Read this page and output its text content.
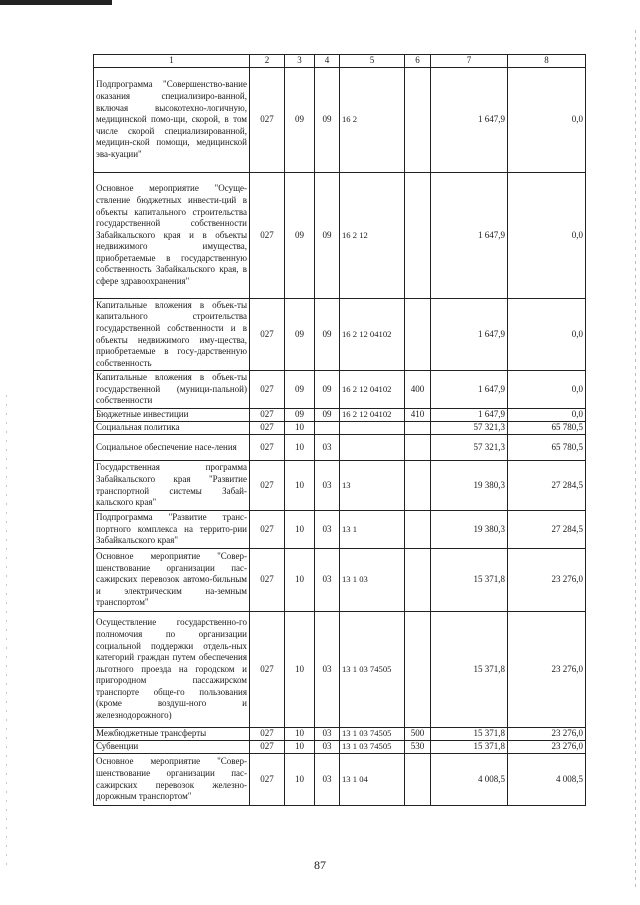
1	2	3	4	5	6	7	8
Подпрограмма "Совершенство-вание оказания специализиро-ванной, включая высокотехно-логичную, медицинской помо-щи, скорой, в том числе скорой специализированной, медицин-ской помощи, медицинской эва-куации"	027	09	09	16 2		1 647,9	0,0
Основное мероприятие "Осуще-ствление бюджетных инвести-ций в объекты капитального строительства государственной собственности Забайкальского края и в объекты недвижимого имущества, приобретаемые в государственную собственность Забайкальского края, в сфере здравоохранения"	027	09	09	16 2 12		1 647,9	0,0
Капитальные вложения в объек-ты капитального строительства государственной собственности и в объекты недвижимого иму-щества, приобретаемые в госу-дарственную собственность	027	09	09	16 2 12 04102		1 647,9	0,0
Капитальные вложения в объек-ты государственной (муници-пальной) собственности	027	09	09	16 2 12 04102	400	1 647,9	0,0
Бюджетные инвестиции	027	09	09	16 2 12 04102	410	1 647,9	0,0
Социальная политика	027	10				57 321,3	65 780,5
Социальное обеспечение насе-ления	027	10	03			57 321,3	65 780,5
Государственная программа Забайкальского края "Развитие транспортной системы Забай-кальского края"	027	10	03	13		19 380,3	27 284,5
Подпрограмма "Развитие транс-портного комплекса на террито-рии Забайкальского края"	027	10	03	13 1		19 380,3	27 284,5
Основное мероприятие "Совер-шенствование организации пас-сажирских перевозок автомо-бильным и электрическим на-земным транспортом"	027	10	03	13 1 03		15 371,8	23 276,0
Осуществление государственно-го полномочия по организации социальной поддержки отдель-ных категорий граждан путем обеспечения льготного проезда на городском и пригородном пассажирском транспорте обще-го пользования (кроме воздуш-ного и железнодорожного)	027	10	03	13 1 03 74505		15 371,8	23 276,0
Межбюджетные трансферты	027	10	03	13 1 03 74505	500	15 371,8	23 276,0
Субвенции	027	10	03	13 1 03 74505	530	15 371,8	23 276,0
Основное мероприятие "Совер-шенствование организации пас-сажирских перевозок железно-дорожным транспортом"	027	10	03	13 1 04		4 008,5	4 008,5
87
